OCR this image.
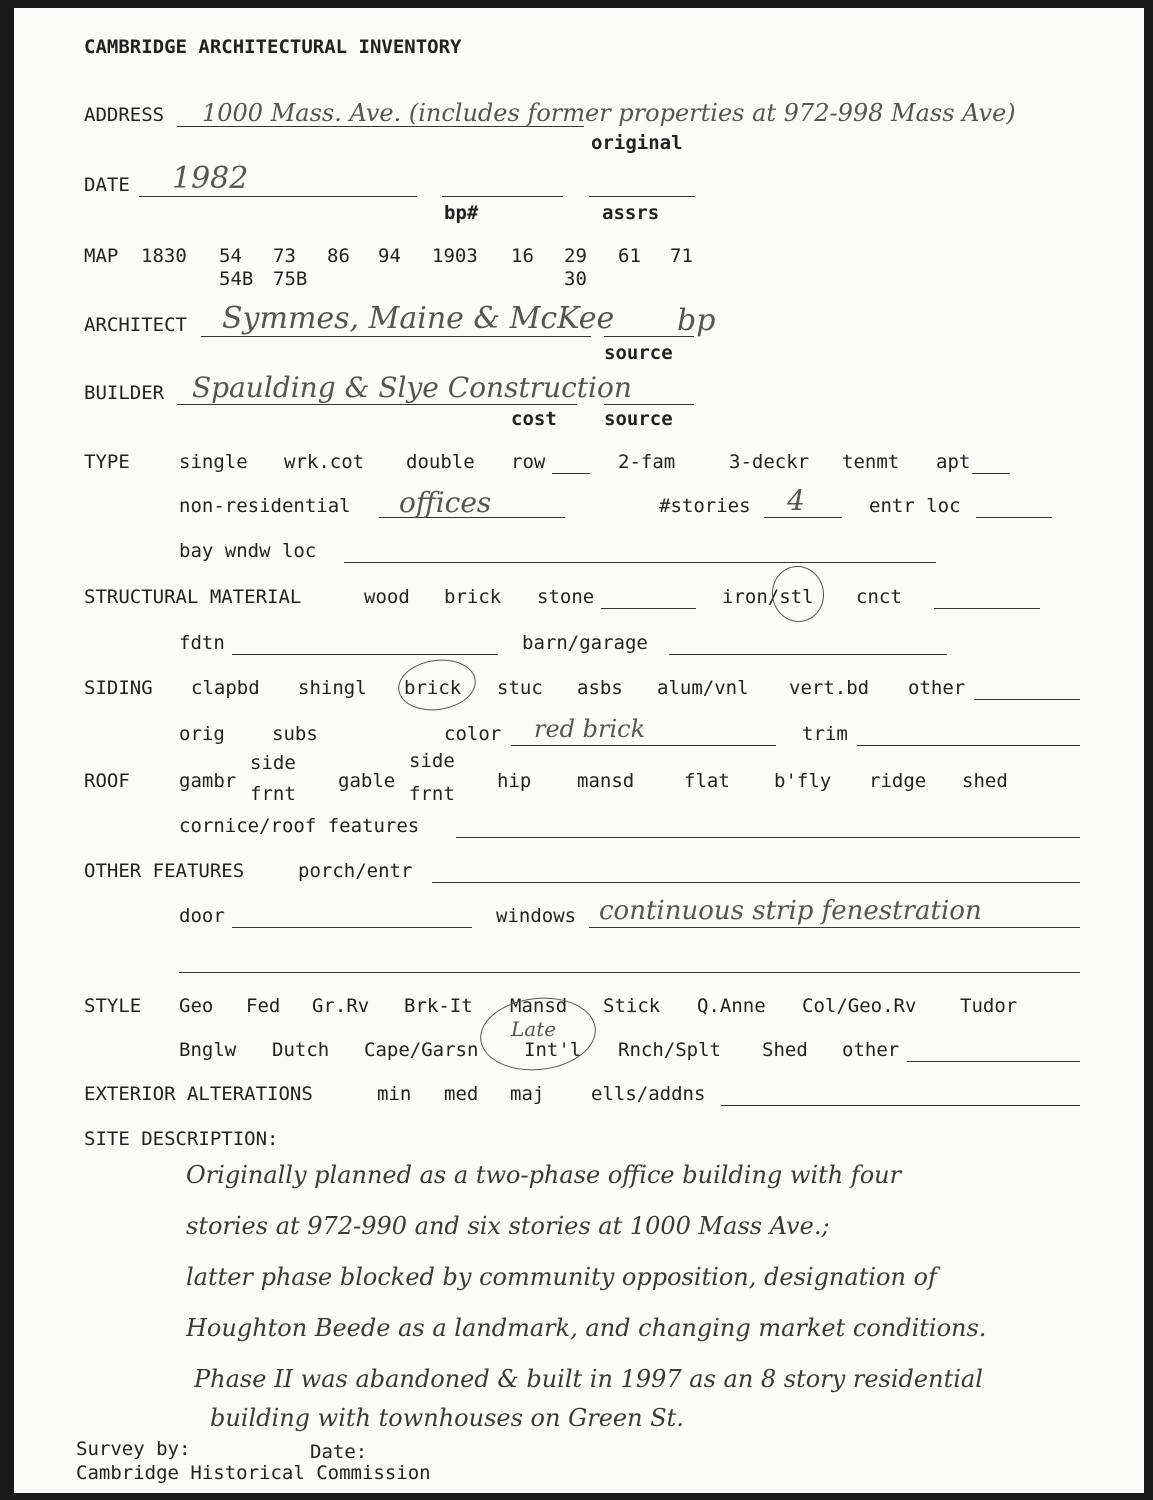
CAMBRIDGE ARCHITECTURAL INVENTORY
ADDRESS 1000 Mass. Ave. (includes former properties at 972-998 Mass Ave)
original
DATE 1982
bp#	assrs
MAP 1830 54 73 86 94 1903 16 29 61 71
54B 75B	30
ARCHITECT Symmes, Maine & McKee bp
source
BUILDER Spaulding & Slye Construction
cost source
TYPE	single wrk.cot double row	2-fam	3-deckr tenmt apt
non-residential offices	#stories 4	entr loc
bay wndw loc
STRUCTURAL MATERIAL	wood brick stone	iron/stl cnct
fdtn	barn/garage
SIDING clapbd shingl brick stuc asbs alum/vnl vert.bd other
orig subs	color red brick	trim
ROOF	gambr
side
frnt
gable
side
frnt
hip mansd	flat b'fly ridge shed
cornice/roof features
OTHER FEATURES	porch/entr
door	windows continuous strip fenestration
STYLE Geo Fed Gr.Rv Brk-It Mansd Stick Q.Anne Col/Geo.Rv Tudor
Late
Bnglw Dutch Cape/Garsn Int'l Rnch/Splt Shed other
EXTERIOR ALTERATIONS	min med maj ells/addns
SITE DESCRIPTION:
Originally planned as a two-phase office building with four
stories at 972-990 and six stories at 1000 Mass Ave.;
latter phase blocked by community opposition, designation of
Houghton Beede as a landmark, and changing market conditions.
Phase II was abandoned & built in 1997 as an 8 story residential
building with townhouses on Green St.
Survey by:	Date:
Cambridge Historical Commission
